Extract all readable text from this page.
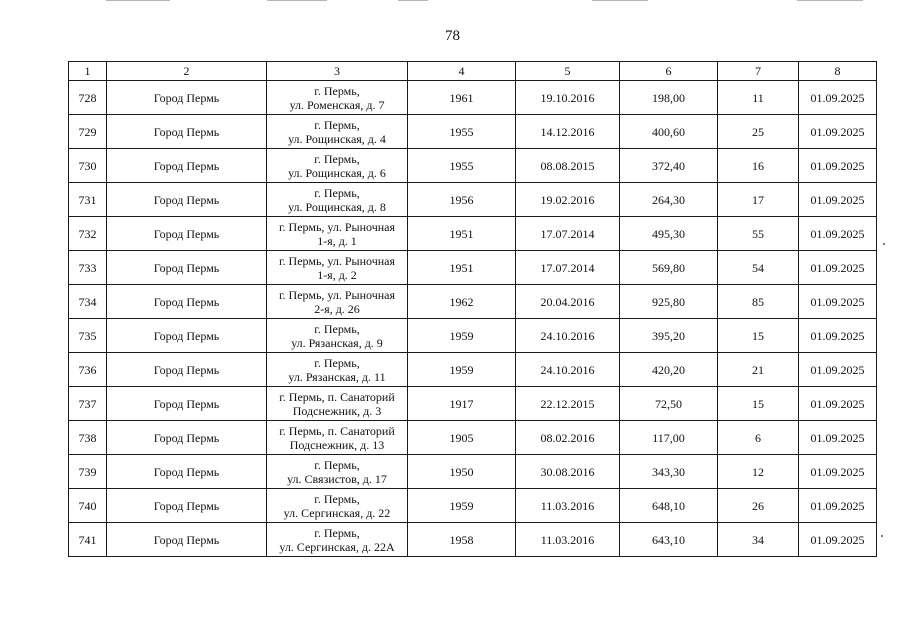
78
1	2	3	4	5	6	7	8
728	Город Пермь	г. Пермь,
ул. Роменская, д. 7	1961	19.10.2016	198,00	11	01.09.2025
729	Город Пермь	г. Пермь,
ул. Рощинская, д. 4	1955	14.12.2016	400,60	25	01.09.2025
730	Город Пермь	г. Пермь,
ул. Рощинская, д. 6	1955	08.08.2015	372,40	16	01.09.2025
731	Город Пермь	г. Пермь,
ул. Рощинская, д. 8	1956	19.02.2016	264,30	17	01.09.2025
732	Город Пермь	г. Пермь, ул. Рыночная
1-я, д. 1	1951	17.07.2014	495,30	55	01.09.2025
733	Город Пермь	г. Пермь, ул. Рыночная
1-я, д. 2	1951	17.07.2014	569,80	54	01.09.2025
734	Город Пермь	г. Пермь, ул. Рыночная
2-я, д. 26	1962	20.04.2016	925,80	85	01.09.2025
735	Город Пермь	г. Пермь,
ул. Рязанская, д. 9	1959	24.10.2016	395,20	15	01.09.2025
736	Город Пермь	г. Пермь,
ул. Рязанская, д. 11	1959	24.10.2016	420,20	21	01.09.2025
737	Город Пермь	г. Пермь, п. Санаторий
Подснежник, д. 3	1917	22.12.2015	72,50	15	01.09.2025
738	Город Пермь	г. Пермь, п. Санаторий
Подснежник, д. 13	1905	08.02.2016	117,00	6	01.09.2025
739	Город Пермь	г. Пермь,
ул. Связистов, д. 17	1950	30.08.2016	343,30	12	01.09.2025
740	Город Пермь	г. Пермь,
ул. Сергинская, д. 22	1959	11.03.2016	648,10	26	01.09.2025
741	Город Пермь	г. Пермь,
ул. Сергинская, д. 22А	1958	11.03.2016	643,10	34	01.09.2025
